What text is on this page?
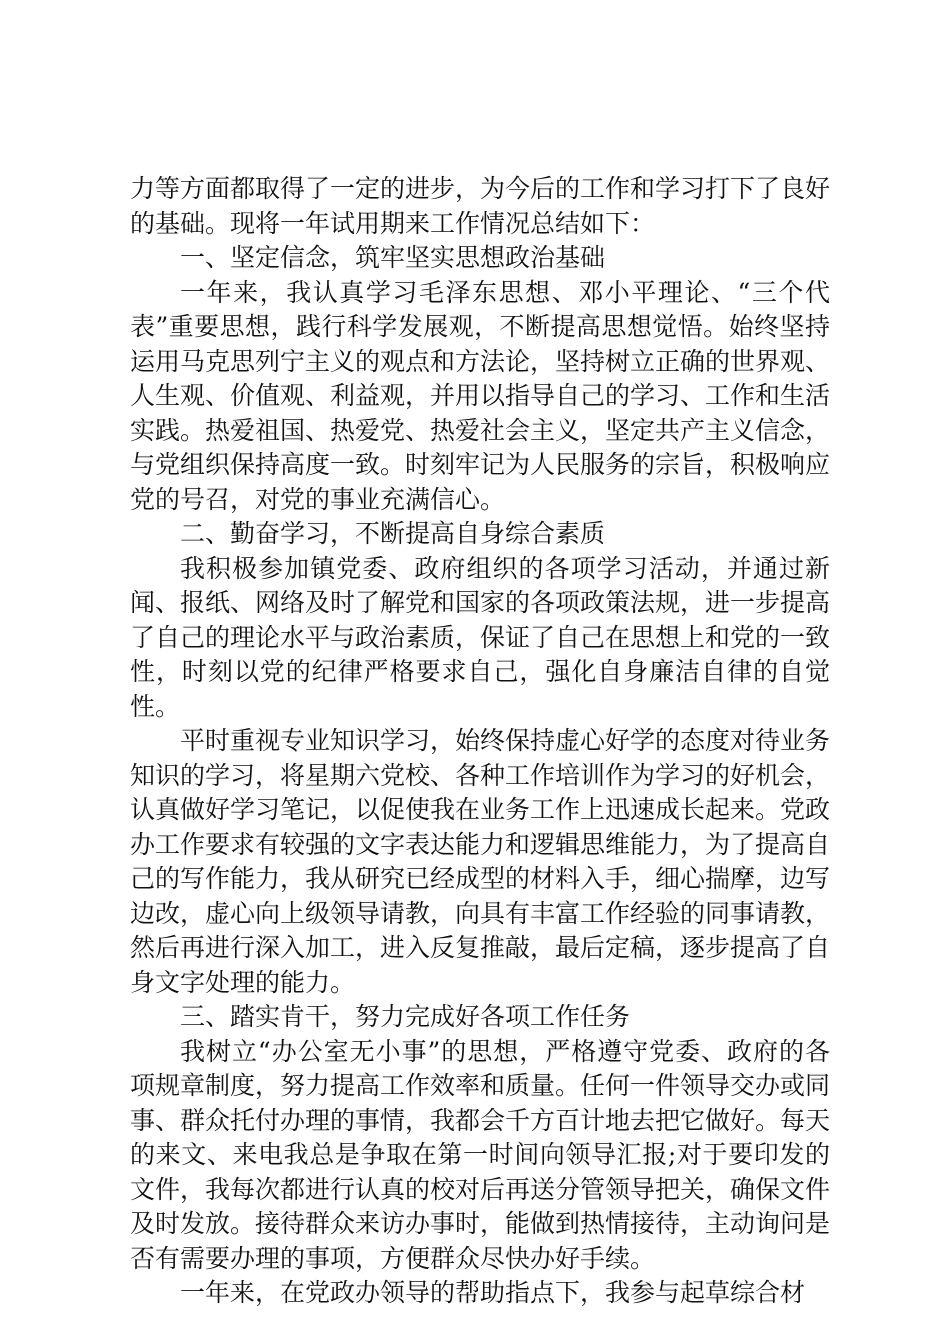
力等方面都取得了一定的进步，为今后的工作和学习打下了良好的基础。现将一年试用期来工作情况总结如下：

一、坚定信念，筑牢坚实思想政治基础

一年来，我认真学习毛泽东思想、邓小平理论、“三个代表”重要思想，践行科学发展观，不断提高思想觉悟。始终坚持运用马克思列宁主义的观点和方法论，坚持树立正确的世界观、人生观、价值观、利益观，并用以指导自己的学习、工作和生活实践。热爱祖国、热爱党、热爱社会主义，坚定共产主义信念，与党组织保持高度一致。时刻牢记为人民服务的宗旨，积极响应党的号召，对党的事业充满信心。

二、勤奋学习，不断提高自身综合素质

我积极参加镇党委、政府组织的各项学习活动，并通过新闻、报纸、网络及时了解党和国家的各项政策法规，进一步提高了自己的理论水平与政治素质，保证了自己在思想上和党的一致性，时刻以党的纪律严格要求自己，强化自身廉洁自律的自觉性。

平时重视专业知识学习，始终保持虚心好学的态度对待业务知识的学习，将星期六党校、各种工作培训作为学习的好机会，认真做好学习笔记，以促使我在业务工作上迅速成长起来。党政办工作要求有较强的文字表达能力和逻辑思维能力，为了提高自己的写作能力，我从研究已经成型的材料入手，细心揣摩，边写边改，虚心向上级领导请教，向具有丰富工作经验的同事请教，然后再进行深入加工，进入反复推敲，最后定稿，逐步提高了自身文字处理的能力。

三、踏实肯干，努力完成好各项工作任务

我树立“办公室无小事”的思想，严格遵守党委、政府的各项规章制度，努力提高工作效率和质量。任何一件领导交办或同事、群众托付办理的事情，我都会千方百计地去把它做好。每天的来文、来电我总是争取在第一时间向领导汇报;对于要印发的文件，我每次都进行认真的校对后再送分管领导把关，确保文件及时发放。接待群众来访办事时，能做到热情接待，主动询问是否有需要办理的事项，方便群众尽快办好手续。

一年来，在党政办领导的帮助指点下，我参与起草综合材
